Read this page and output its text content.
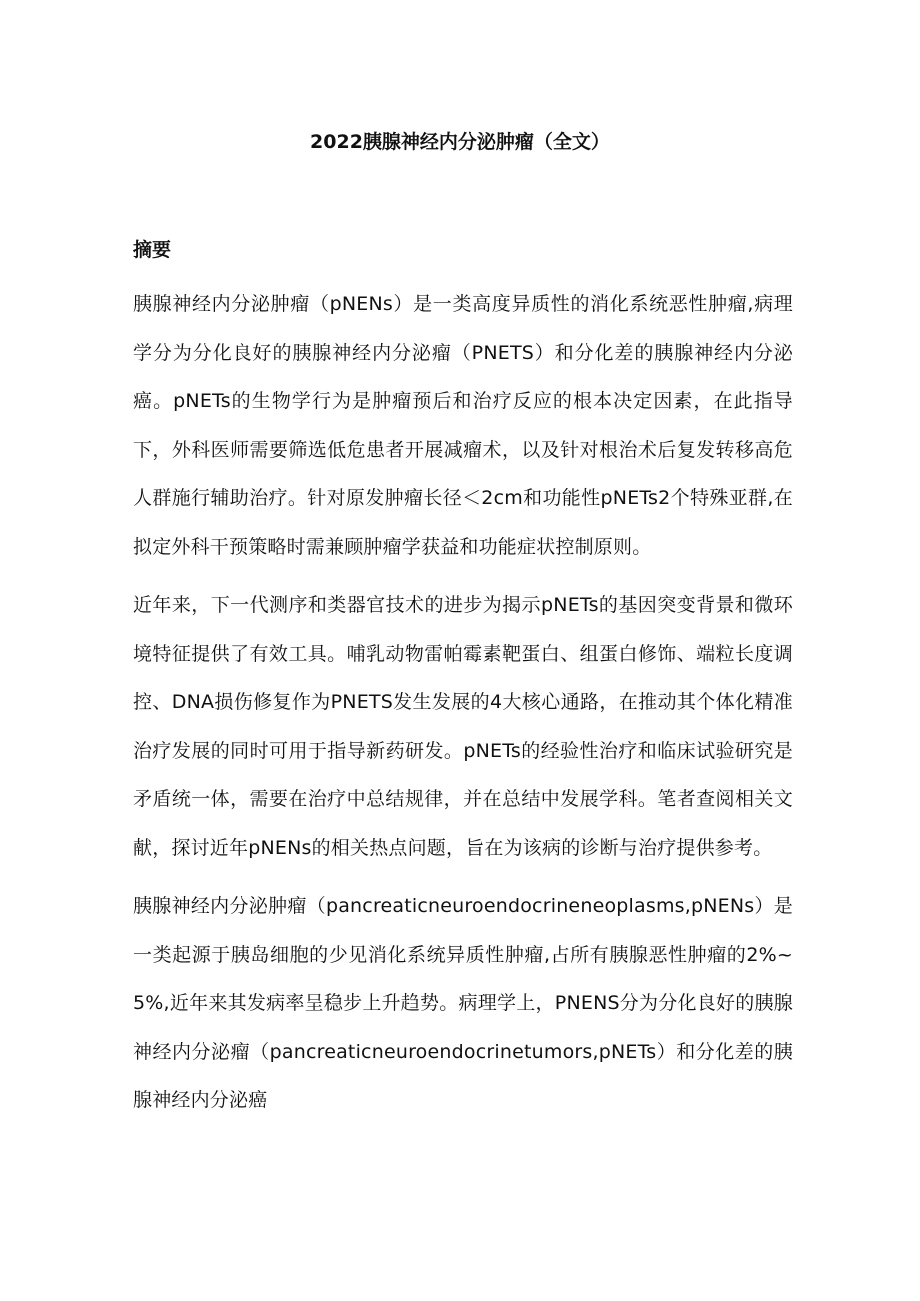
2022胰腺神经内分泌肿瘤（全文）
摘要

胰腺神经内分泌肿瘤（pNENs）是一类高度异质性的消化系统恶性肿瘤,病理学分为分化良好的胰腺神经内分泌瘤（PNETS）和分化差的胰腺神经内分泌癌。pNETs的生物学行为是肿瘤预后和治疗反应的根本决定因素，在此指导下，外科医师需要筛选低危患者开展减瘤术，以及针对根治术后复发转移高危人群施行辅助治疗。针对原发肿瘤长径＜2cm和功能性pNETs2个特殊亚群,在拟定外科干预策略时需兼顾肿瘤学获益和功能症状控制原则。

近年来，下一代测序和类器官技术的进步为揭示pNETs的基因突变背景和微环境特征提供了有效工具。哺乳动物雷帕霉素靶蛋白、组蛋白修饰、端粒长度调控、DNA损伤修复作为PNETS发生发展的4大核心通路，在推动其个体化精准治疗发展的同时可用于指导新药研发。pNETs的经验性治疗和临床试验研究是矛盾统一体，需要在治疗中总结规律，并在总结中发展学科。笔者查阅相关文献，探讨近年pNENs的相关热点问题，旨在为该病的诊断与治疗提供参考。

胰腺神经内分泌肿瘤（pancreaticneuroendocrineneoplasms,pNENs）是一类起源于胰岛细胞的少见消化系统异质性肿瘤,占所有胰腺恶性肿瘤的2%~5%,近年来其发病率呈稳步上升趋势。病理学上，PNENS分为分化良好的胰腺神经内分泌瘤（pancreaticneuroendocrinetumors,pNETs）和分化差的胰腺神经内分泌癌
